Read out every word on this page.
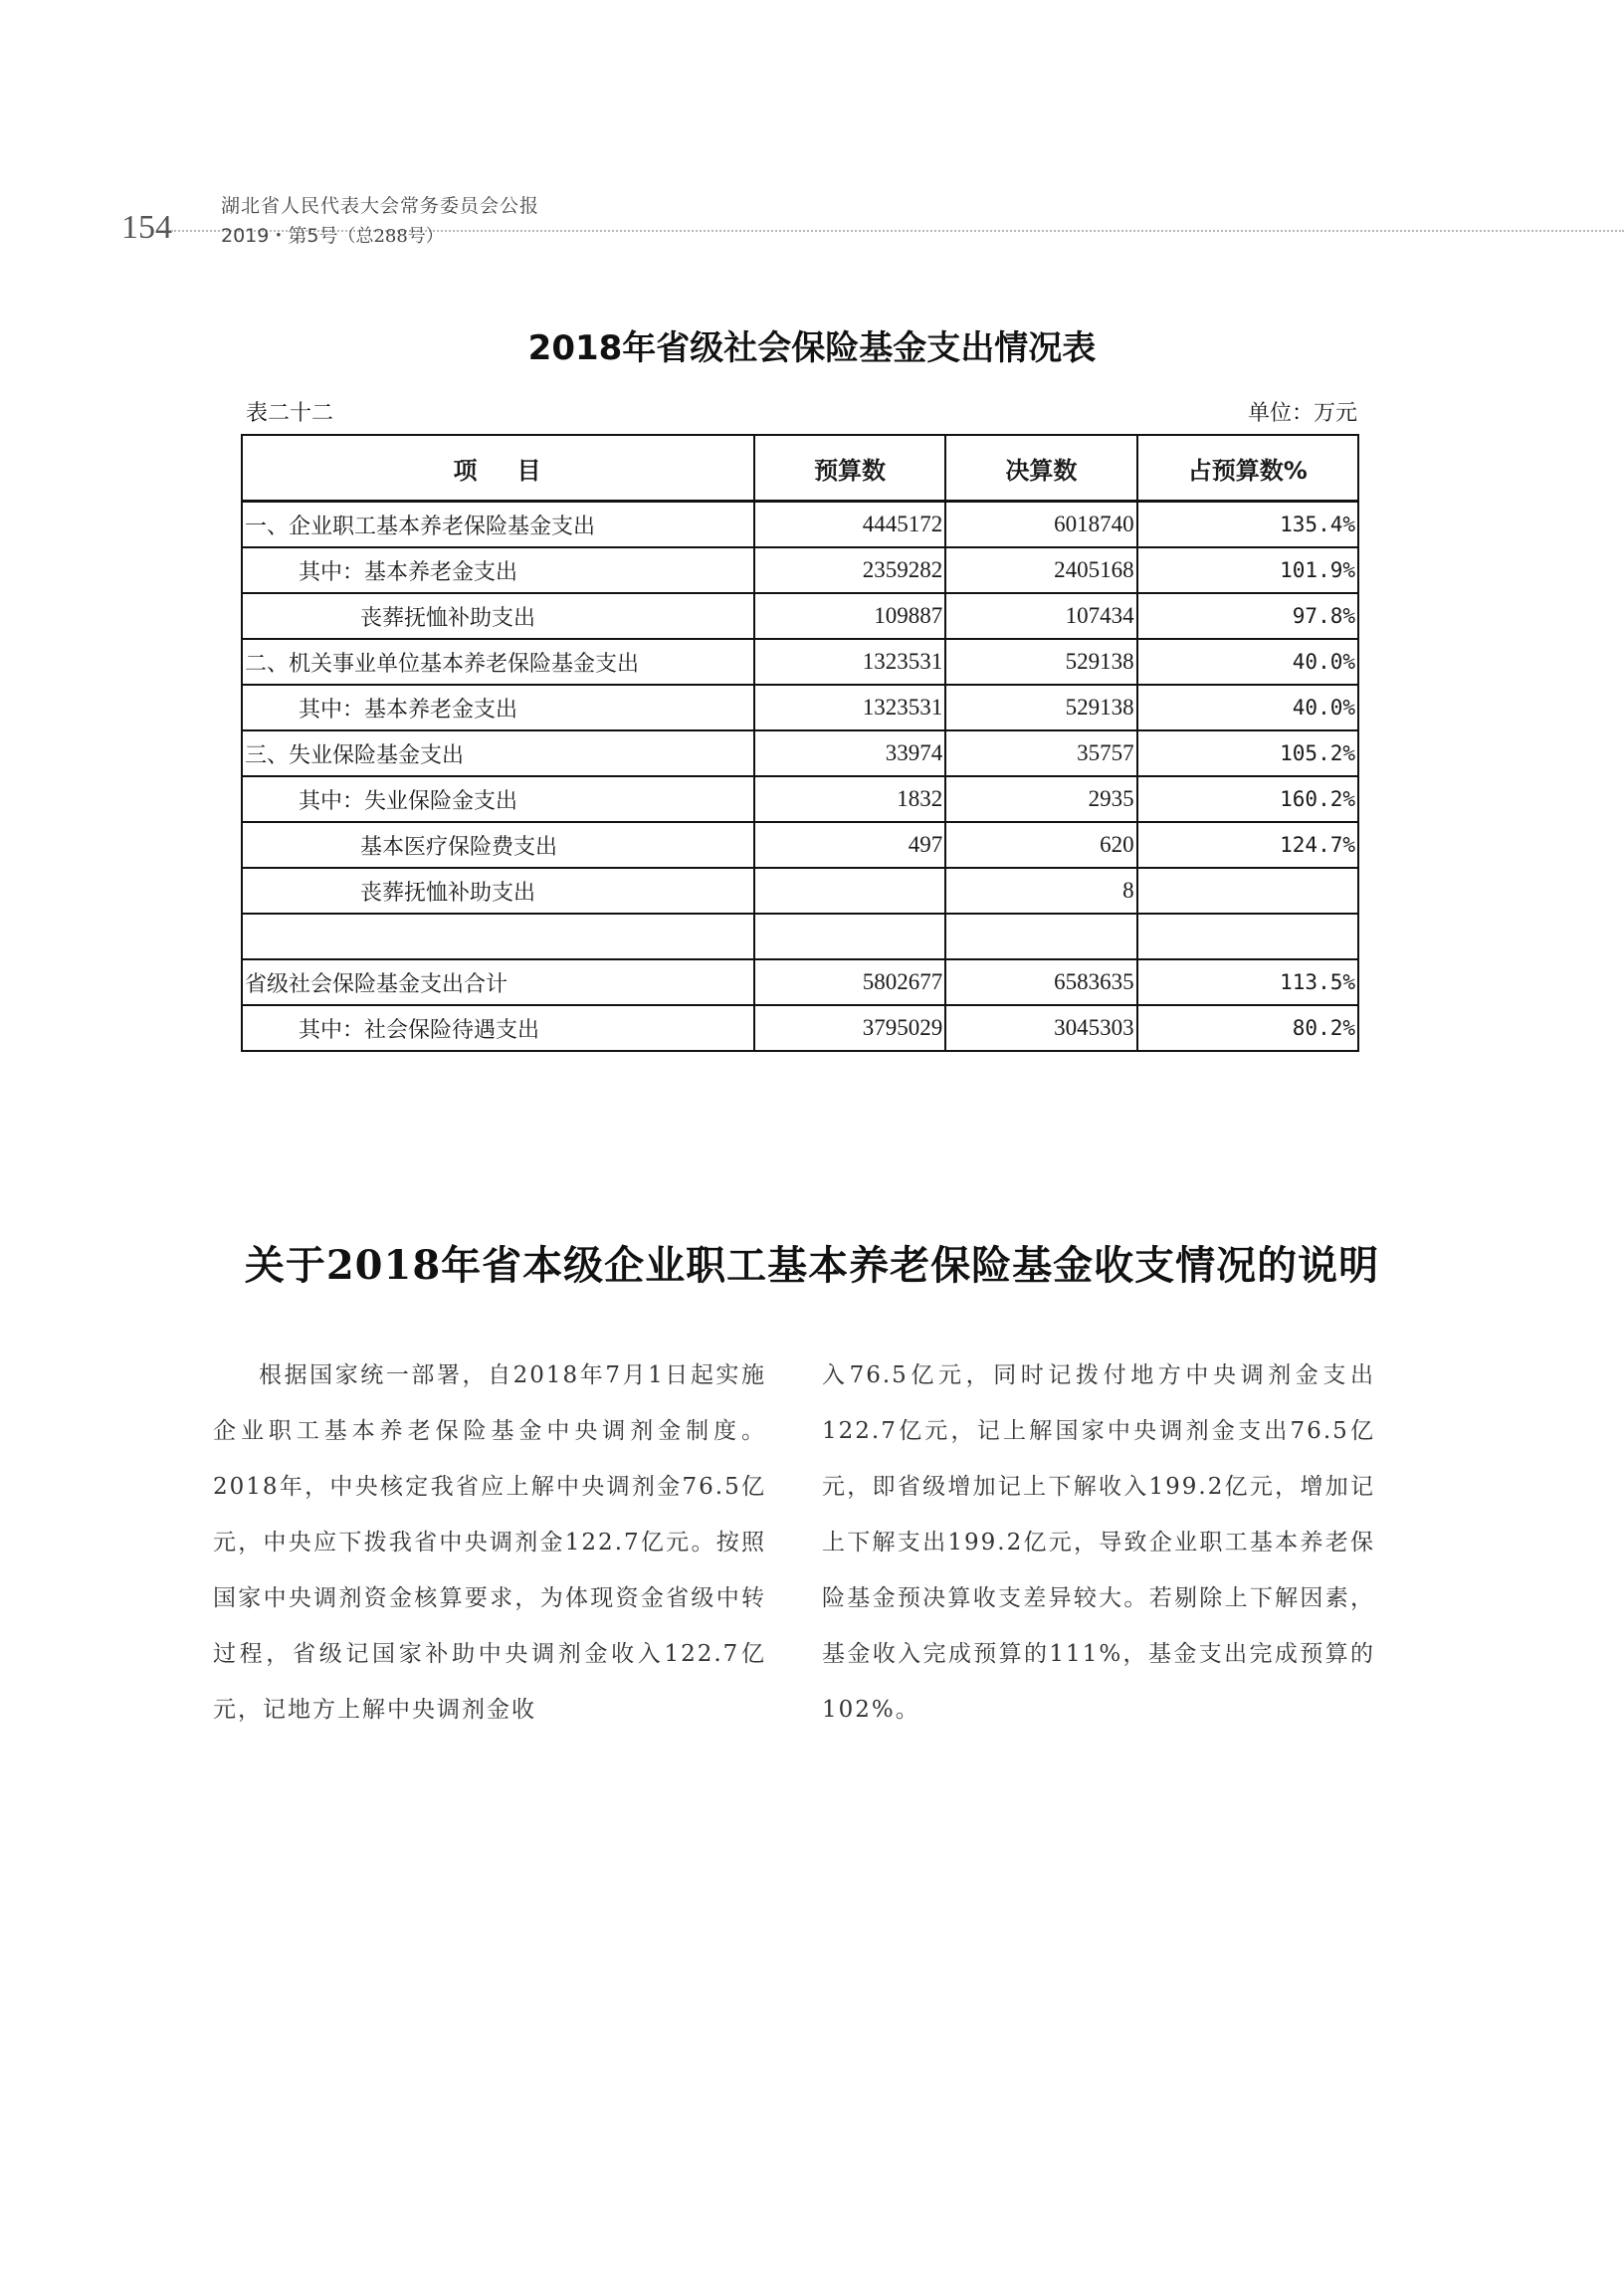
154
湖北省人民代表大会常务委员会公报
2019・第5号（总288号）
2018年省级社会保险基金支出情况表
表二十二	单位：万元
项目	预算数	决算数	占预算数%
一、企业职工基本养老保险基金支出	4445172	6018740	135.4%
其中：基本养老金支出	2359282	2405168	101.9%
丧葬抚恤补助支出	109887	107434	97.8%
二、机关事业单位基本养老保险基金支出	1323531	529138	40.0%
其中：基本养老金支出	1323531	529138	40.0%
三、失业保险基金支出	33974	35757	105.2%
其中：失业保险金支出	1832	2935	160.2%
基本医疗保险费支出	497	620	124.7%
丧葬抚恤补助支出		8	

省级社会保险基金支出合计	5802677	6583635	113.5%
其中：社会保险待遇支出	3795029	3045303	80.2%
关于2018年省本级企业职工基本养老保险基金收支情况的说明

根据国家统一部署，自2018年7月1日起实施企业职工基本养老保险基金中央调剂金制度。2018年，中央核定我省应上解中央调剂金76.5亿元，中央应下拨我省中央调剂金122.7亿元。按照国家中央调剂资金核算要求，为体现资金省级中转过程，省级记国家补助中央调剂金收入122.7亿元，记地方上解中央调剂金收

入76.5亿元，同时记拨付地方中央调剂金支出122.7亿元，记上解国家中央调剂金支出76.5亿元，即省级增加记上下解收入199.2亿元，增加记上下解支出199.2亿元，导致企业职工基本养老保险基金预决算收支差异较大。若剔除上下解因素，基金收入完成预算的111%，基金支出完成预算的102%。
